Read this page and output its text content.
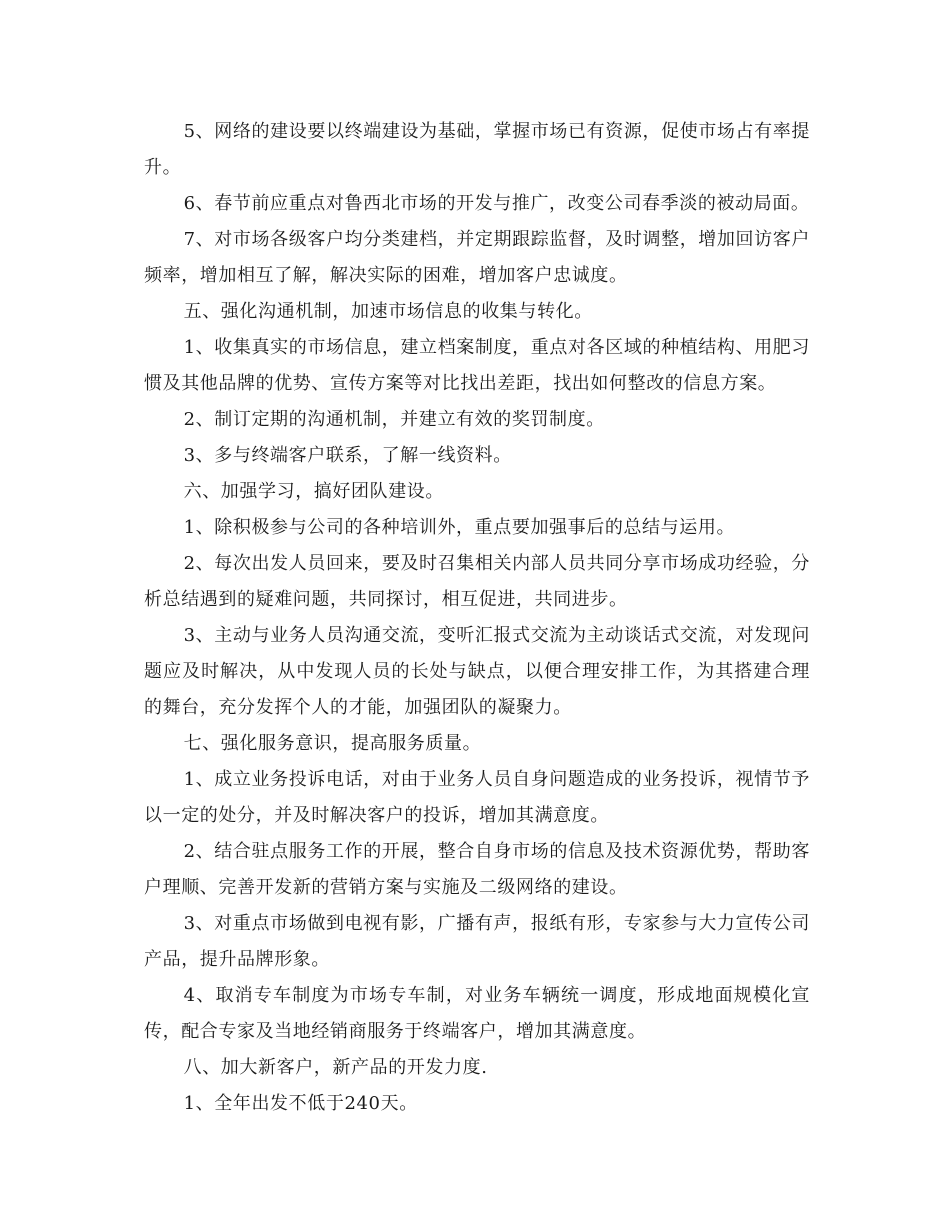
5、网络的建设要以终端建设为基础，掌握市场已有资源，促使市场占有率提升。

6、春节前应重点对鲁西北市场的开发与推广，改变公司春季淡的被动局面。

7、对市场各级客户均分类建档，并定期跟踪监督，及时调整，增加回访客户频率，增加相互了解，解决实际的困难，增加客户忠诚度。

五、强化沟通机制，加速市场信息的收集与转化。

1、收集真实的市场信息，建立档案制度，重点对各区域的种植结构、用肥习惯及其他品牌的优势、宣传方案等对比找出差距，找出如何整改的信息方案。

2、制订定期的沟通机制，并建立有效的奖罚制度。

3、多与终端客户联系，了解一线资料。

六、加强学习，搞好团队建设。

1、除积极参与公司的各种培训外，重点要加强事后的总结与运用。

2、每次出发人员回来，要及时召集相关内部人员共同分享市场成功经验，分析总结遇到的疑难问题，共同探讨，相互促进，共同进步。

3、主动与业务人员沟通交流，变听汇报式交流为主动谈话式交流，对发现问题应及时解决，从中发现人员的长处与缺点，以便合理安排工作，为其搭建合理的舞台，充分发挥个人的才能，加强团队的凝聚力。

七、强化服务意识，提高服务质量。

1、成立业务投诉电话，对由于业务人员自身问题造成的业务投诉，视情节予以一定的处分，并及时解决客户的投诉，增加其满意度。

2、结合驻点服务工作的开展，整合自身市场的信息及技术资源优势，帮助客户理顺、完善开发新的营销方案与实施及二级网络的建设。

3、对重点市场做到电视有影，广播有声，报纸有形，专家参与大力宣传公司产品，提升品牌形象。

4、取消专车制度为市场专车制，对业务车辆统一调度，形成地面规模化宣传，配合专家及当地经销商服务于终端客户，增加其满意度。

八、加大新客户，新产品的开发力度.

1、全年出发不低于240天。
